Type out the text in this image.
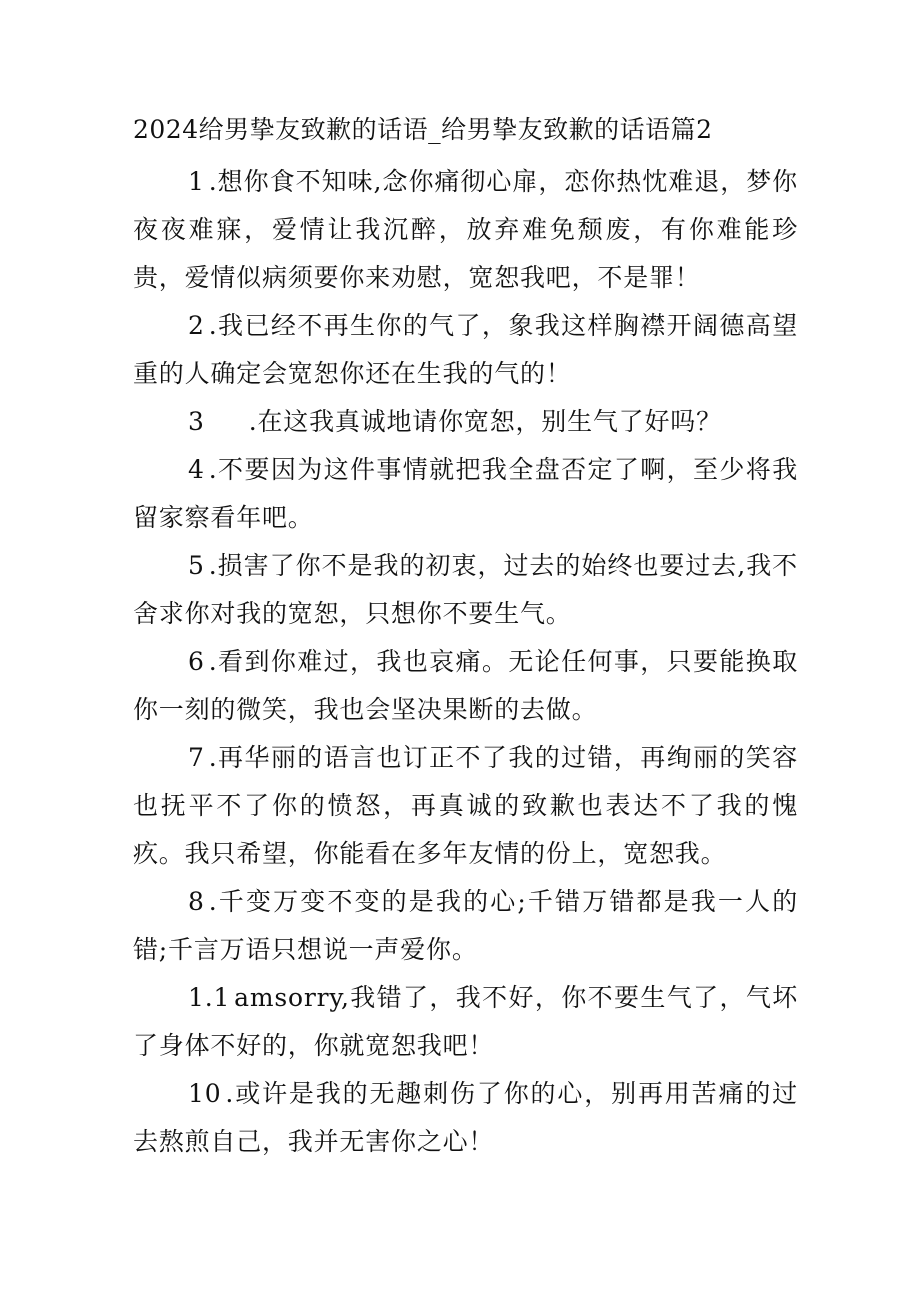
2024给男挚友致歉的话语_给男挚友致歉的话语篇2

1 .想你食不知味,念你痛彻心扉，恋你热忱难退，梦你夜夜难寐，爱情让我沉醉，放弃难免颓废，有你难能珍贵，爱情似病须要你来劝慰，宽恕我吧，不是罪！

2 .我已经不再生你的气了，象我这样胸襟开阔德高望重的人确定会宽恕你还在生我的气的！

3 .在这我真诚地请你宽恕，别生气了好吗？

4 .不要因为这件事情就把我全盘否定了啊，至少将我留家察看年吧。

5 .损害了你不是我的初衷，过去的始终也要过去,我不舍求你对我的宽恕，只想你不要生气。

6 .看到你难过，我也哀痛。无论任何事，只要能换取你一刻的微笑，我也会坚决果断的去做。

7 .再华丽的语言也订正不了我的过错，再绚丽的笑容也抚平不了你的愤怒，再真诚的致歉也表达不了我的愧疚。我只希望，你能看在多年友情的份上，宽恕我。

8 .千变万变不变的是我的心;千错万错都是我一人的错;千言万语只想说一声爱你。

1.1 amsorry,我错了，我不好，你不要生气了，气坏了身体不好的，你就宽恕我吧！

10 .或许是我的无趣刺伤了你的心，别再用苦痛的过去熬煎自己，我并无害你之心！
